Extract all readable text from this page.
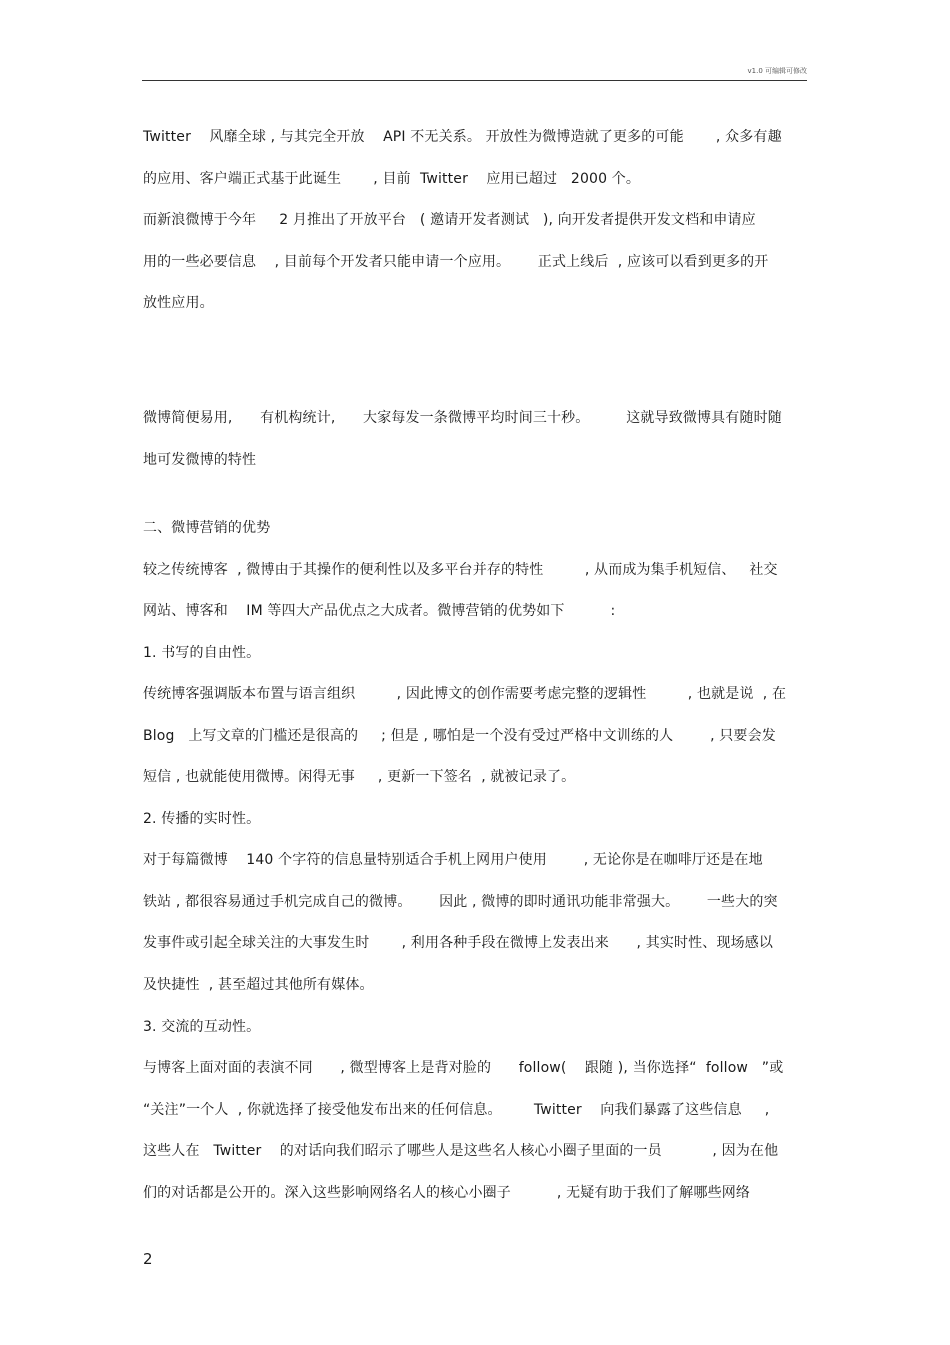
v1.0 可编辑可修改
Twitter    风靡全球 , 与其完全开放    API 不无关系。 开放性为微博造就了更多的可能       , 众多有趣
的应用、客户端正式基于此诞生       , 目前  Twitter    应用已超过   2000 个。
而新浪微博于今年     2 月推出了开放平台   ( 邀请开发者测试   ), 向开发者提供开发文档和申请应
用的一些必要信息    , 目前每个开发者只能申请一个应用。      正式上线后  , 应该可以看到更多的开
放性应用。
微博简便易用,      有机构统计,      大家每发一条微博平均时间三十秒。        这就导致微博具有随时随
地可发微博的特性
二、微博营销的优势
较之传统博客  , 微博由于其操作的便利性以及多平台并存的特性         , 从而成为集手机短信、   社交
网站、博客和    IM 等四大产品优点之大成者。微博营销的优势如下          :
1. 书写的自由性。
传统博客强调版本布置与语言组织         , 因此博文的创作需要考虑完整的逻辑性         , 也就是说  , 在
Blog   上写文章的门槛还是很高的     ; 但是 , 哪怕是一个没有受过严格中文训练的人        , 只要会发
短信 , 也就能使用微博。闲得无事     , 更新一下签名  , 就被记录了。
2. 传播的实时性。
对于每篇微博    140 个字符的信息量特别适合手机上网用户使用        , 无论你是在咖啡厅还是在地
铁站 , 都很容易通过手机完成自己的微博。      因此 , 微博的即时通讯功能非常强大。      一些大的突
发事件或引起全球关注的大事发生时       , 利用各种手段在微博上发表出来      , 其实时性、现场感以
及快捷性  , 甚至超过其他所有媒体。
3. 交流的互动性。
与博客上面对面的表演不同      , 微型博客上是背对脸的      follow(    跟随 ), 当你选择“  follow   ”或
“关注”一个人  , 你就选择了接受他发布出来的任何信息。       Twitter    向我们暴露了这些信息     ,
这些人在   Twitter    的对话向我们昭示了哪些人是这些名人核心小圈子里面的一员           , 因为在他
们的对话都是公开的。深入这些影响网络名人的核心小圈子          , 无疑有助于我们了解哪些网络
2
